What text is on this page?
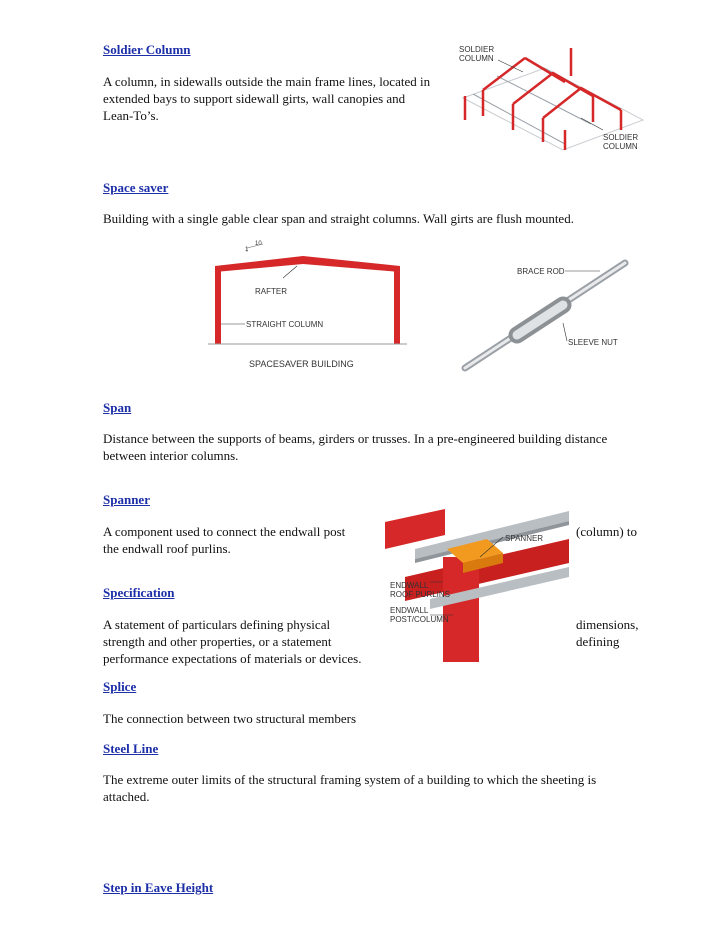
Soldier Column
A column, in sidewalls outside the main frame lines, located in
extended bays to support sidewall girts, wall canopies and
Lean-To’s.
SOLDIER
COLUMN
SOLDIER
COLUMN
Space saver
Building with a single gable clear span and straight columns. Wall girts are flush mounted.
10
1
RAFTER
STRAIGHT COLUMN
SPACESAVER BUILDING
BRACE ROD
SLEEVE NUT
Span
Distance between the supports of beams, girders or trusses. In a pre-engineered building distance
between interior columns.
Spanner
A component used to connect the endwall post	(column) to
the endwall roof purlins.
SPANNER
ENDWALL
ROOF PURLINS
ENDWALL
POST/COLUMN
Specification
A statement of particulars defining physical	dimensions,
strength and other properties, or a statement	defining
performance expectations of materials or devices.
Splice
The connection between two structural members
Steel Line
The extreme outer limits of the structural framing system of a building to which the sheeting is
attached.
Step in Eave Height
